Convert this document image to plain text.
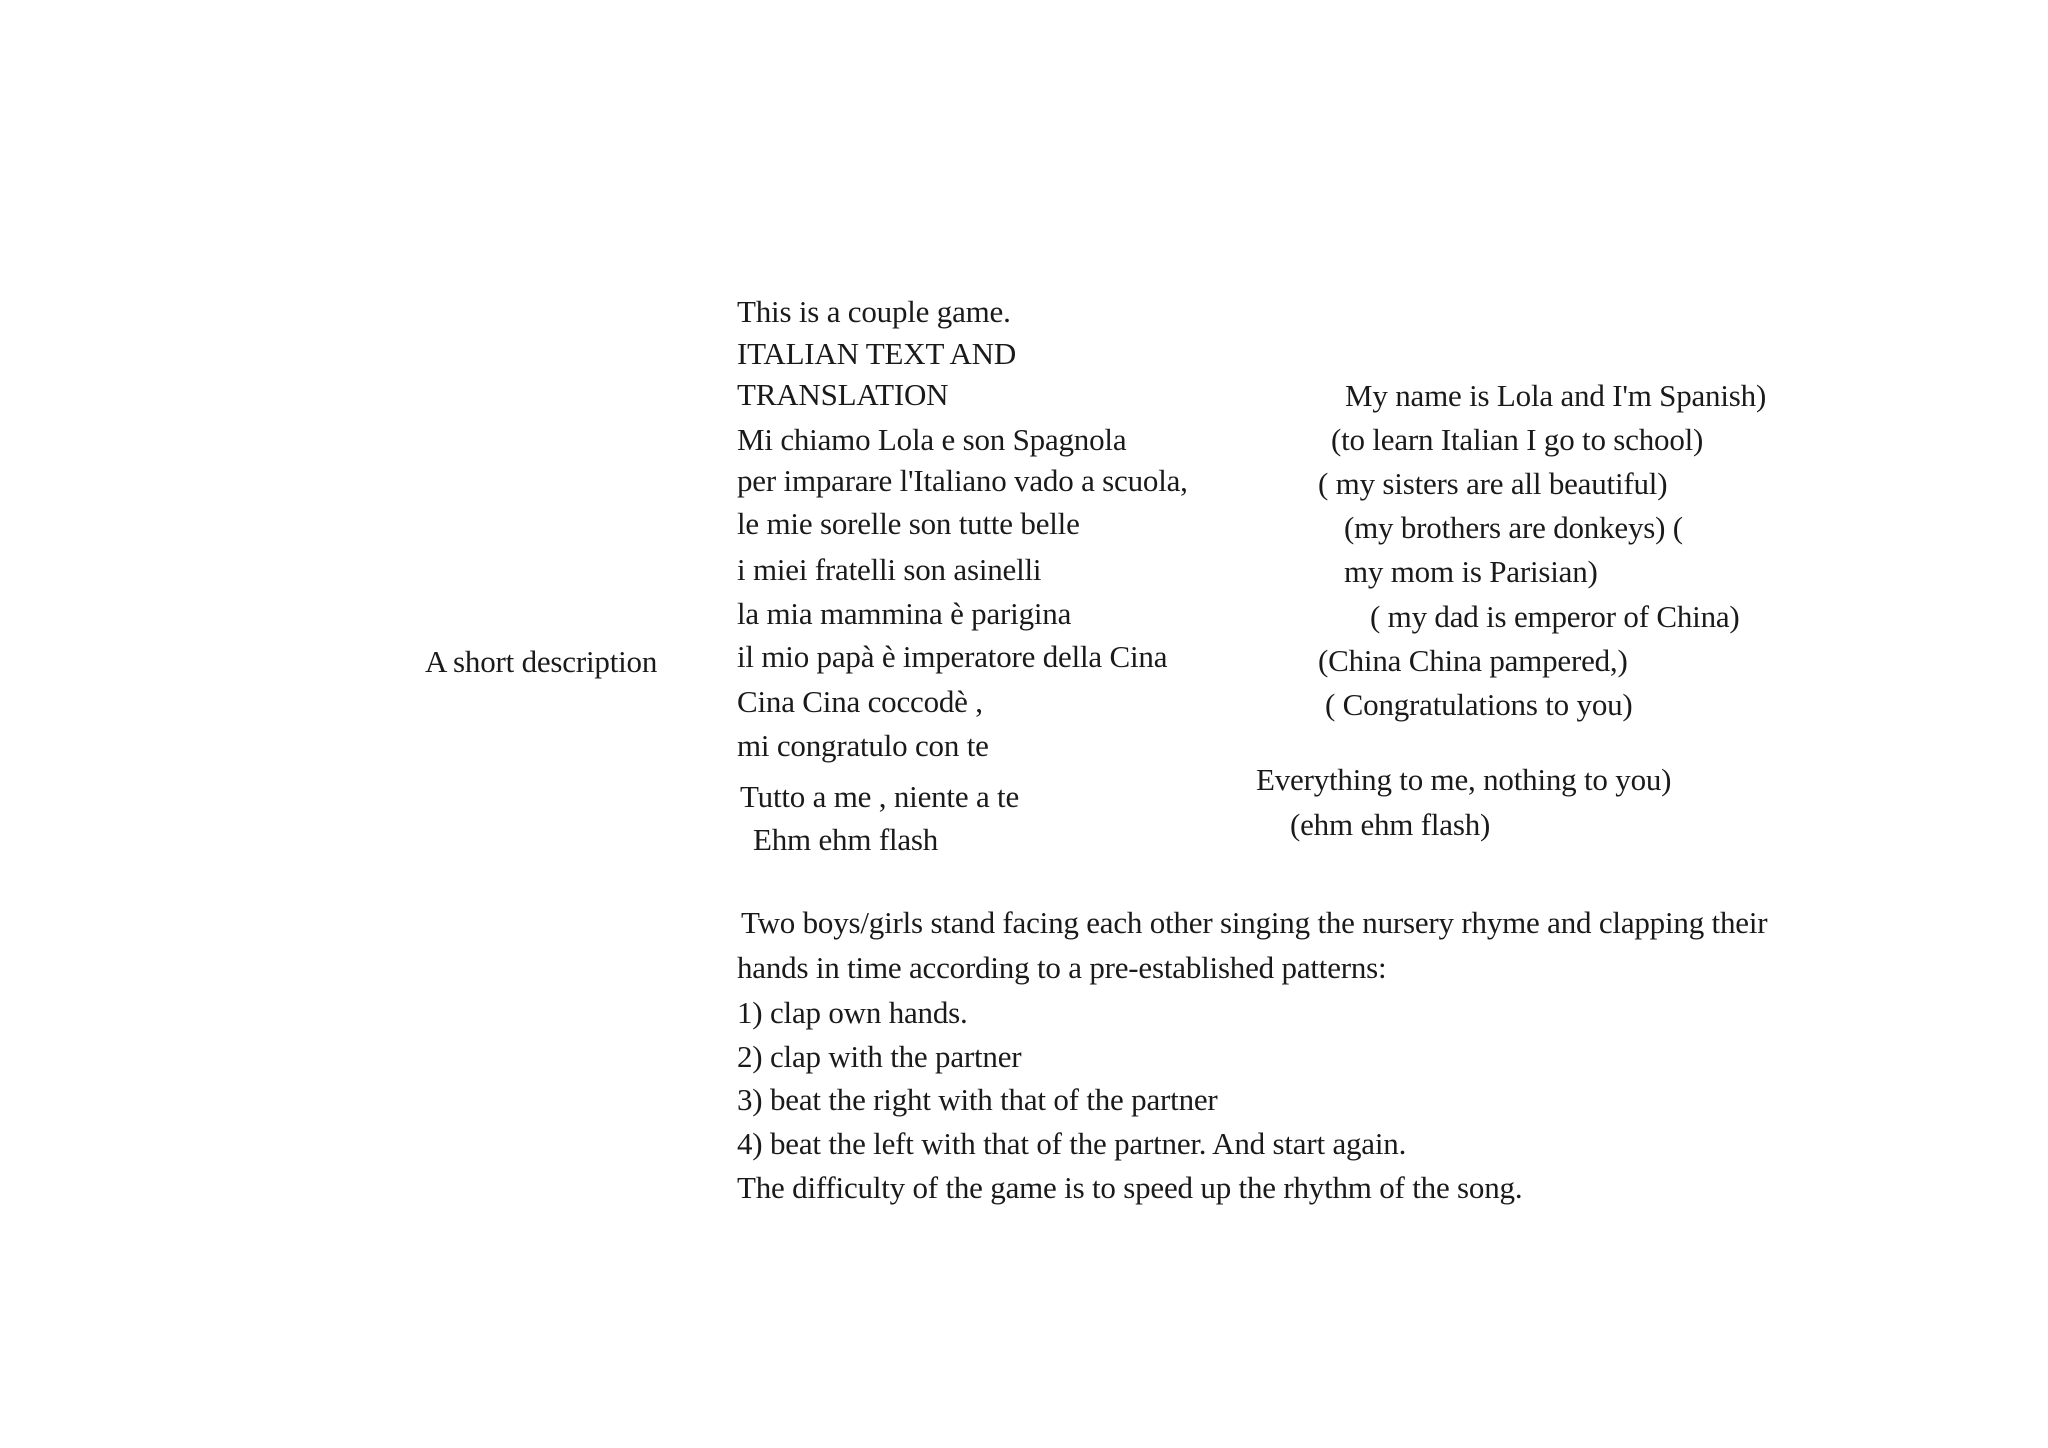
A short description
This is a couple game.
ITALIAN TEXT AND
TRANSLATION
Mi chiamo Lola e son Spagnola
per imparare l'Italiano vado a scuola,
le mie sorelle son tutte belle
i miei fratelli son asinelli
la mia mammina è parigina
il mio papà è imperatore della Cina
Cina Cina coccodè ,
mi congratulo con te
Tutto a me , niente a te
Ehm ehm flash
My name is Lola and I'm Spanish)
(to learn Italian I go to school)
( my sisters are all beautiful)
(my brothers are donkeys) (
my mom is Parisian)
( my dad is emperor of China)
(China China pampered,)
( Congratulations to you)
Everything to me, nothing to you)
(ehm ehm flash)
Two boys/girls stand facing each other singing the nursery rhyme and clapping their
hands in time according to a pre-established patterns:
1) clap own hands.
2) clap with the partner
3) beat the right with that of the partner
4) beat the left with that of the partner. And start again.
The difficulty of the game is to speed up the rhythm of the song.
